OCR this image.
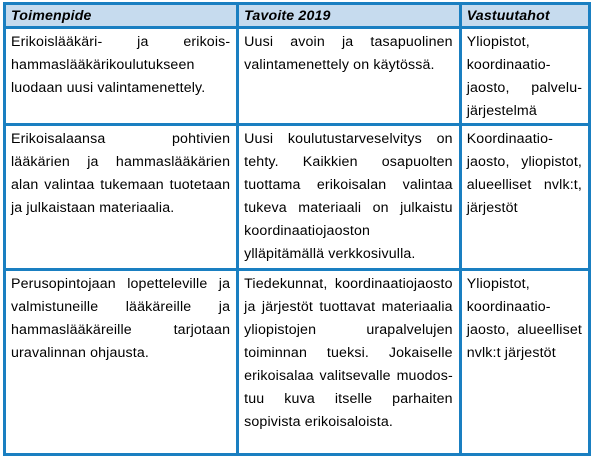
Toimenpide	Tavoite 2019	Vastuutahot

Erikoislääkäri- ja erikoishammaslääkärikoulutukseen luodaan uusi valintamenettely.	Uusi avoin ja tasapuolinen valintamenettely on käytössä.	Yliopistot, koordinaatiojaosto, palvelujärjestelmä

Erikoisalaansa pohtivien lääkärien ja hammaslääkärien alan valintaa tukemaan tuotetaan ja julkaistaan materiaalia.	Uusi koulutustarveselvitys on tehty. Kaikkien osapuolten tuottama erikoisalan valintaa tukeva materiaali on julkaistu koordinaatiojaoston ylläpitämällä verkkosivulla.	Koordinaatiojaosto, yliopistot, alueelliset nvlk:t, järjestöt

Perusopintojaan lopetteleville ja valmistuneille lääkäreille ja hammaslääkäreille tarjotaan uravalinnan ohjausta.	Tiedekunnat, koordinaatiojaosto ja järjestöt tuottavat materiaalia yliopistojen urapalvelujen toiminnan tueksi. Jokaiselle erikoisalaa valitsevalle muodostuu kuva itselle parhaiten sopivista erikoisaloista.	Yliopistot, koordinaatiojaosto, alueelliset nvlk:t järjestöt
